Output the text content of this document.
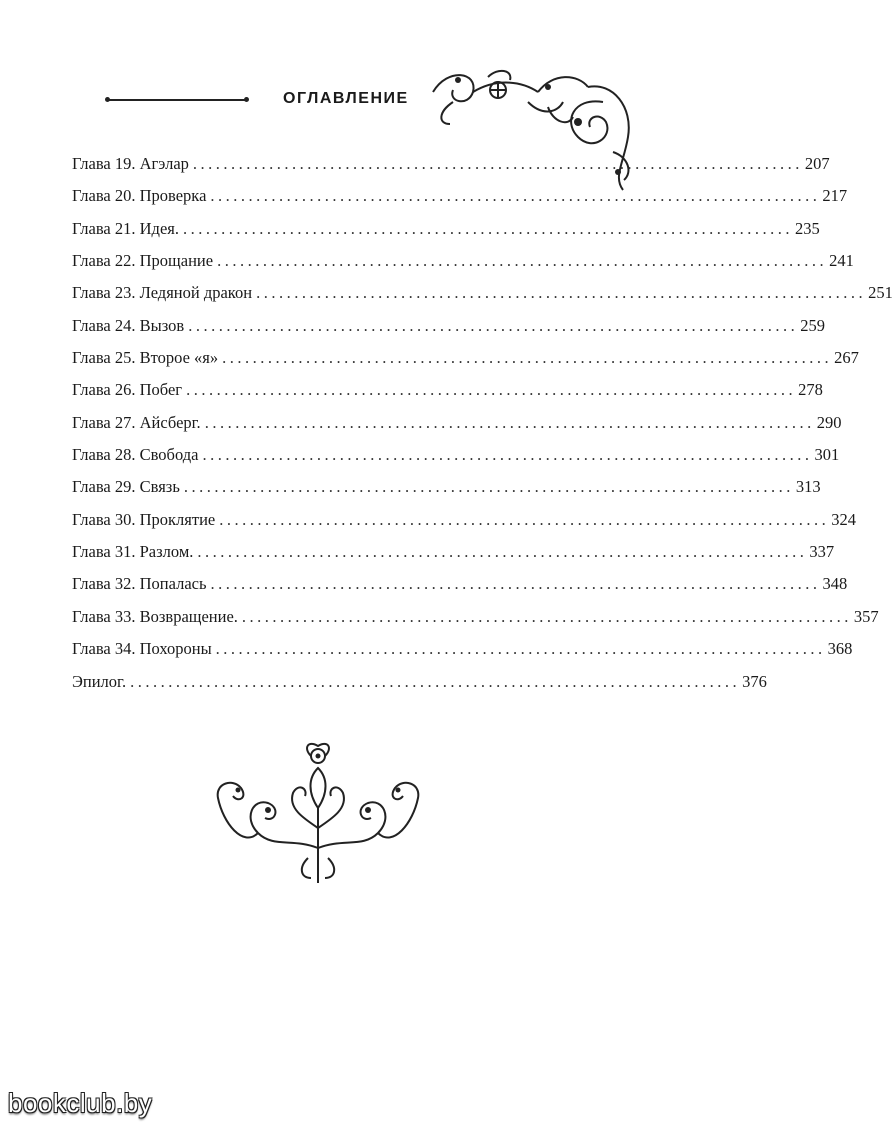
ОГЛАВЛЕНИЕ
Глава 19. Агэлар ................................................................................ 207
Глава 20. Проверка ................................................................................ 217
Глава 21. Идея. ................................................................................ 235
Глава 22. Прощание ................................................................................ 241
Глава 23. Ледяной дракон ................................................................................ 251
Глава 24. Вызов ................................................................................ 259
Глава 25. Второе «я» ................................................................................ 267
Глава 26. Побег ................................................................................ 278
Глава 27. Айсберг. ................................................................................ 290
Глава 28. Свобода ................................................................................ 301
Глава 29. Связь ................................................................................ 313
Глава 30. Проклятие ................................................................................ 324
Глава 31. Разлом. ................................................................................ 337
Глава 32. Попалась ................................................................................ 348
Глава 33. Возвращение. ................................................................................ 357
Глава 34. Похороны ................................................................................ 368
Эпилог. ................................................................................ 376
bookclub.by
